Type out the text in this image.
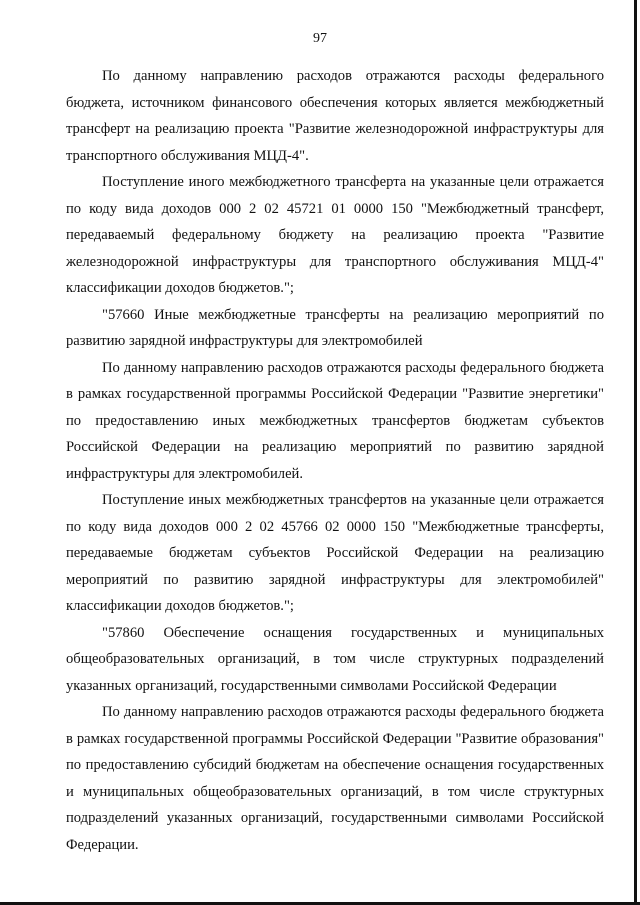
97

По данному направлению расходов отражаются расходы федерального бюджета, источником финансового обеспечения которых является межбюджетный трансферт на реализацию проекта "Развитие железнодорожной инфраструктуры для транспортного обслуживания МЦД-4".

Поступление иного межбюджетного трансферта на указанные цели отражается по коду вида доходов 000 2 02 45721 01 0000 150 "Межбюджетный трансферт, передаваемый федеральному бюджету на реализацию проекта "Развитие железнодорожной инфраструктуры для транспортного обслуживания МЦД-4" классификации доходов бюджетов.";

"57660 Иные межбюджетные трансферты на реализацию мероприятий по развитию зарядной инфраструктуры для электромобилей

По данному направлению расходов отражаются расходы федерального бюджета в рамках государственной программы Российской Федерации "Развитие энергетики" по предоставлению иных межбюджетных трансфертов бюджетам субъектов Российской Федерации на реализацию мероприятий по развитию зарядной инфраструктуры для электромобилей.

Поступление иных межбюджетных трансфертов на указанные цели отражается по коду вида доходов 000 2 02 45766 02 0000 150 "Межбюджетные трансферты, передаваемые бюджетам субъектов Российской Федерации на реализацию мероприятий по развитию зарядной инфраструктуры для электромобилей" классификации доходов бюджетов.";

"57860 Обеспечение оснащения государственных и муниципальных общеобразовательных организаций, в том числе структурных подразделений указанных организаций, государственными символами Российской Федерации

По данному направлению расходов отражаются расходы федерального бюджета в рамках государственной программы Российской Федерации "Развитие образования" по предоставлению субсидий бюджетам на обеспечение оснащения государственных и муниципальных общеобразовательных организаций, в том числе структурных подразделений указанных организаций, государственными символами Российской Федерации.
